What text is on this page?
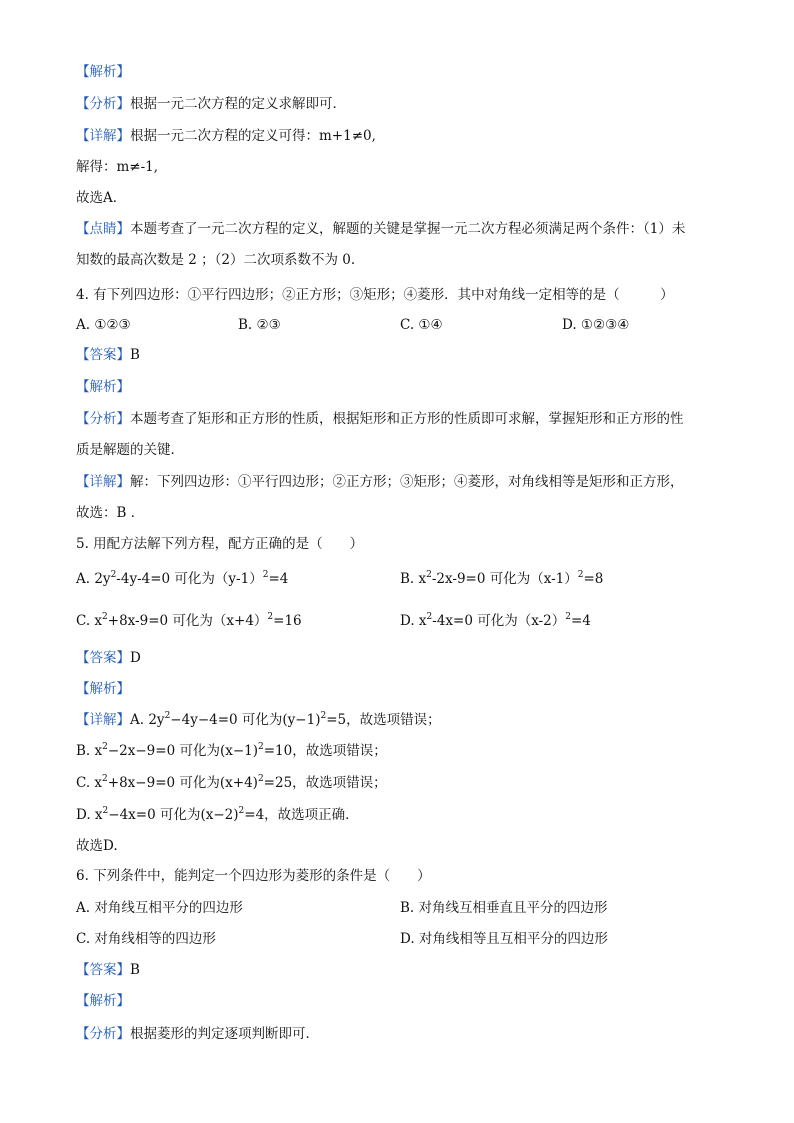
【解析】
【分析】根据一元二次方程的定义求解即可．
【详解】根据一元二次方程的定义可得：m+1≠0,
解得：m≠-1,
故选A．
【点睛】本题考查了一元二次方程的定义，解题的关键是掌握一元二次方程必须满足两个条件：（1）未
知数的最高次数是 2 ；（2）二次项系数不为 0.
4. 有下列四边形：①平行四边形；②正方形；③矩形；④菱形．其中对角线一定相等的是（　　　）
A. ①②③	B. ②③	C. ①④	D. ①②③④
【答案】B
【解析】
【分析】本题考查了矩形和正方形的性质，根据矩形和正方形的性质即可求解，掌握矩形和正方形的性
质是解题的关键．
【详解】解：下列四边形：①平行四边形；②正方形；③矩形；④菱形，对角线相等是矩形和正方形，
故选：B ．
5. 用配方法解下列方程，配方正确的是（　　）
A. $2y^2-4y-4=0$ 可化为$(y-1)^2=4$	B. $x^2-2x-9=0$ 可化为$(x-1)^2=8$
C. $x^2+8x-9=0$ 可化为$(x+4)^2=16$	D. $x^2-4x=0$ 可化为$(x-2)^2=4$
【答案】D
【解析】
【详解】A. $2y^2-4y-4=0$ 可化为$(y-1)^2=5$，故选项错误；
B. $x^2-2x-9=0$ 可化为$(x-1)^2=10$，故选项错误；
C. $x^2+8x-9=0$ 可化为$(x+4)^2=25$，故选项错误；
D. $x^2-4x=0$ 可化为$(x-2)^2=4$，故选项正确．
故选D.
6. 下列条件中，能判定一个四边形为菱形的条件是（　　）
A. 对角线互相平分的四边形	B. 对角线互相垂直且平分的四边形
C. 对角线相等的四边形	D. 对角线相等且互相平分的四边形
【答案】B
【解析】
【分析】根据菱形的判定逐项判断即可．
